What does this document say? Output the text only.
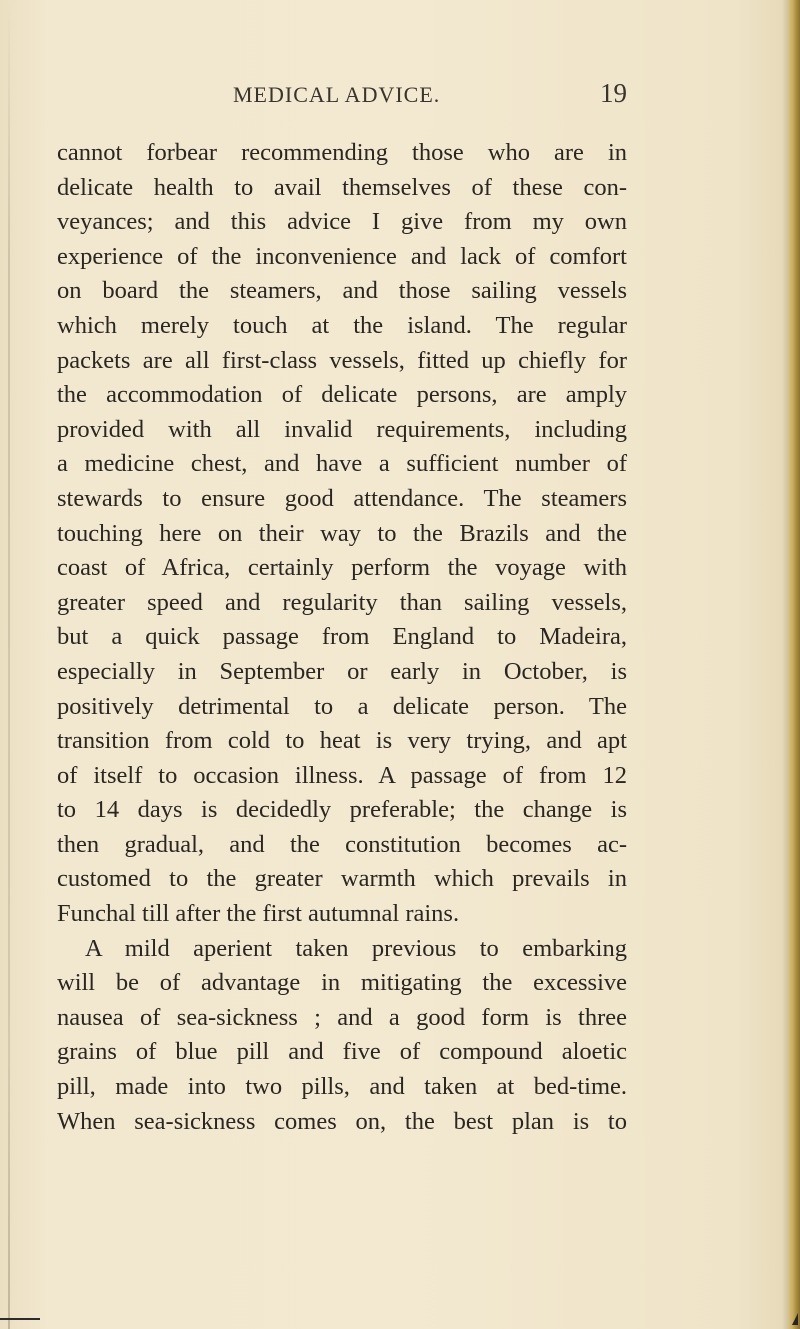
MEDICAL ADVICE.	19
cannot forbear recommending those who are in
delicate health to avail themselves of these con-
veyances; and this advice I give from my own
experience of the inconvenience and lack of comfort
on board the steamers, and those sailing vessels
which merely touch at the island. The regular
packets are all first-class vessels, fitted up chiefly for
the accommodation of delicate persons, are amply
provided with all invalid requirements, including
a medicine chest, and have a sufficient number of
stewards to ensure good attendance. The steamers
touching here on their way to the Brazils and the
coast of Africa, certainly perform the voyage with
greater speed and regularity than sailing vessels,
but a quick passage from England to Madeira,
especially in September or early in October, is
positively detrimental to a delicate person. The
transition from cold to heat is very trying, and apt
of itself to occasion illness. A passage of from 12
to 14 days is decidedly preferable; the change is
then gradual, and the constitution becomes ac-
customed to the greater warmth which prevails in
Funchal till after the first autumnal rains.
A mild aperient taken previous to embarking
will be of advantage in mitigating the excessive
nausea of sea-sickness ; and a good form is three
grains of blue pill and five of compound aloetic
pill, made into two pills, and taken at bed-time.
When sea-sickness comes on, the best plan is to
